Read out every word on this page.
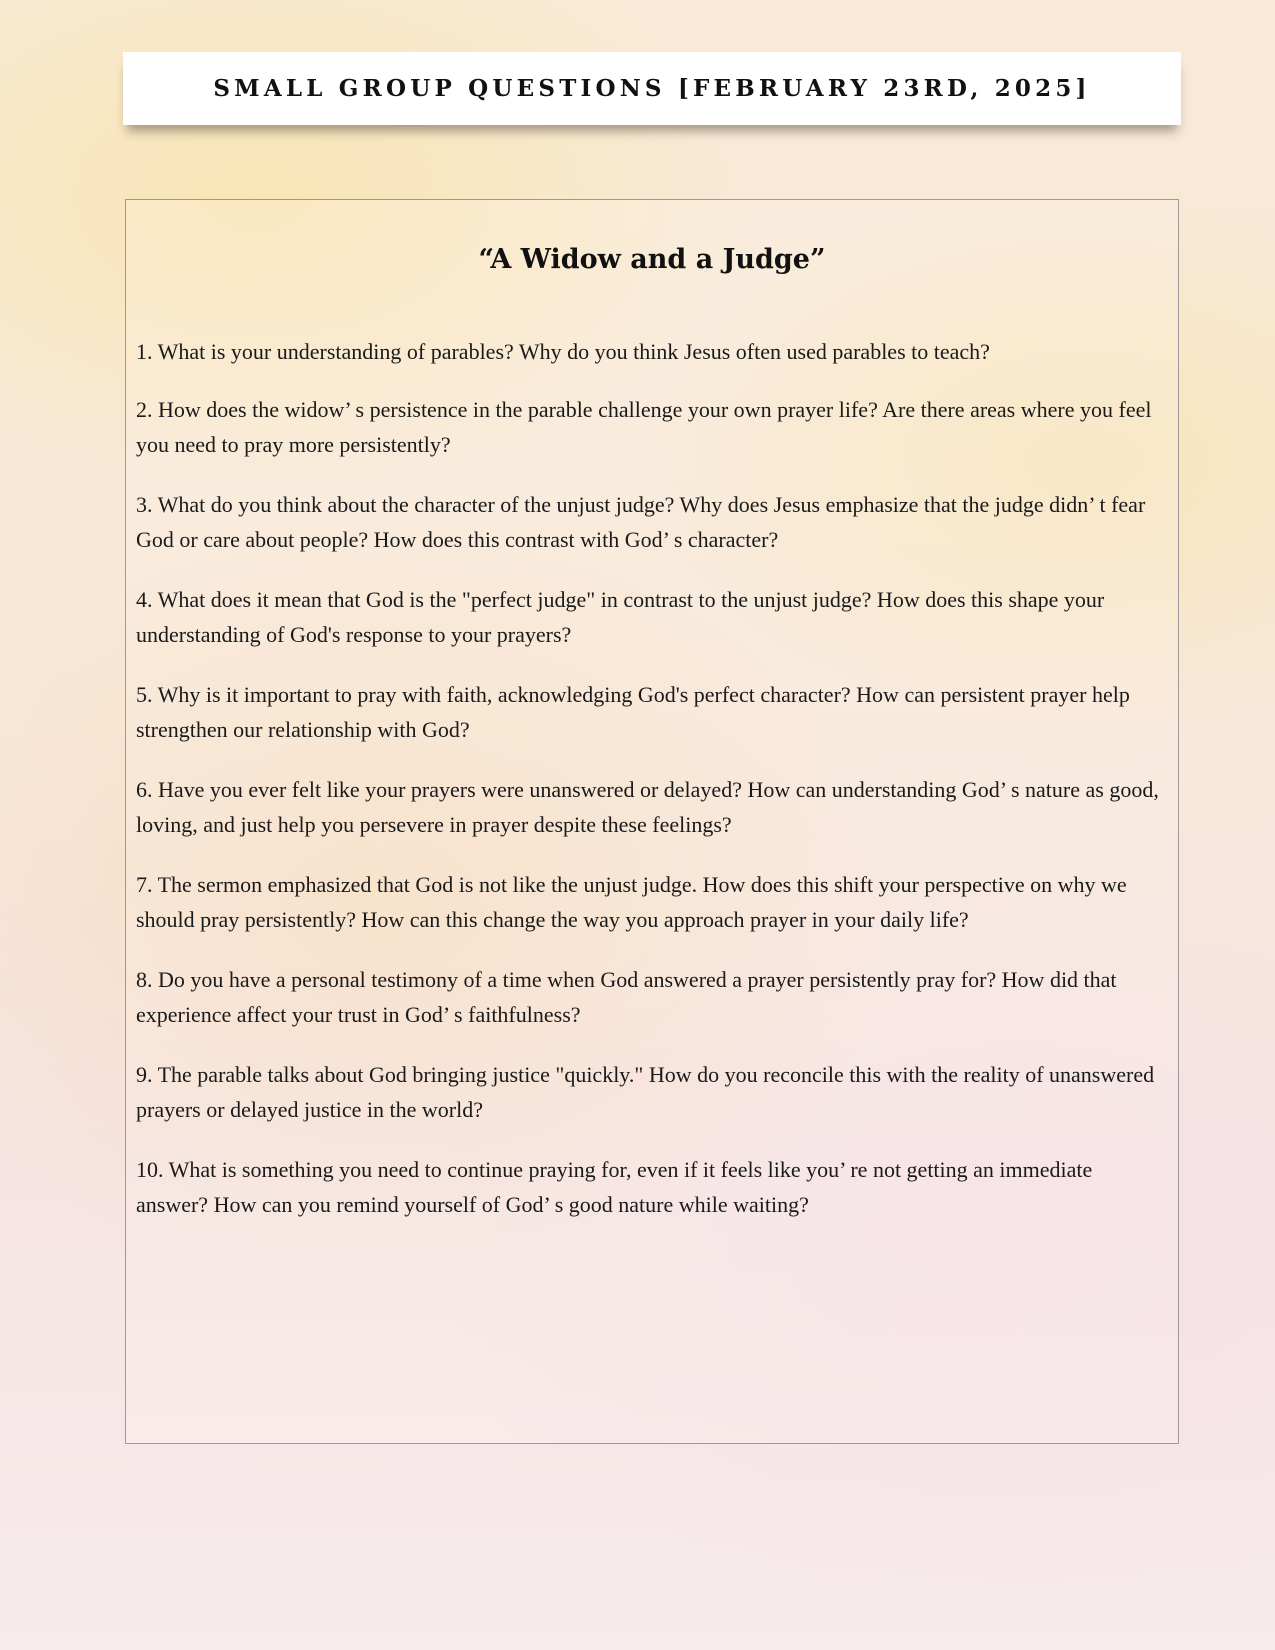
SMALL GROUP QUESTIONS [FEBRUARY 23RD, 2025]
“A Widow and a Judge”

1. What is your understanding of parables? Why do you think Jesus often used parables to teach?

2. How does the widow’ s persistence in the parable challenge your own prayer life? Are there areas where you feel you need to pray more persistently?

3. What do you think about the character of the unjust judge? Why does Jesus emphasize that the judge didn’ t fear God or care about people? How does this contrast with God’ s character?

4. What does it mean that God is the "perfect judge" in contrast to the unjust judge? How does this shape your understanding of God's response to your prayers?

5. Why is it important to pray with faith, acknowledging God's perfect character? How can persistent prayer help strengthen our relationship with God?

6. Have you ever felt like your prayers were unanswered or delayed? How can understanding God’ s nature as good, loving, and just help you persevere in prayer despite these feelings?

7. The sermon emphasized that God is not like the unjust judge. How does this shift your perspective on why we should pray persistently? How can this change the way you approach prayer in your daily life?

8. Do you have a personal testimony of a time when God answered a prayer persistently pray for? How did that experience affect your trust in God’ s faithfulness?

9. The parable talks about God bringing justice "quickly." How do you reconcile this with the reality of unanswered prayers or delayed justice in the world?

10. What is something you need to continue praying for, even if it feels like you’ re not getting an immediate answer? How can you remind yourself of God’ s good nature while waiting?
